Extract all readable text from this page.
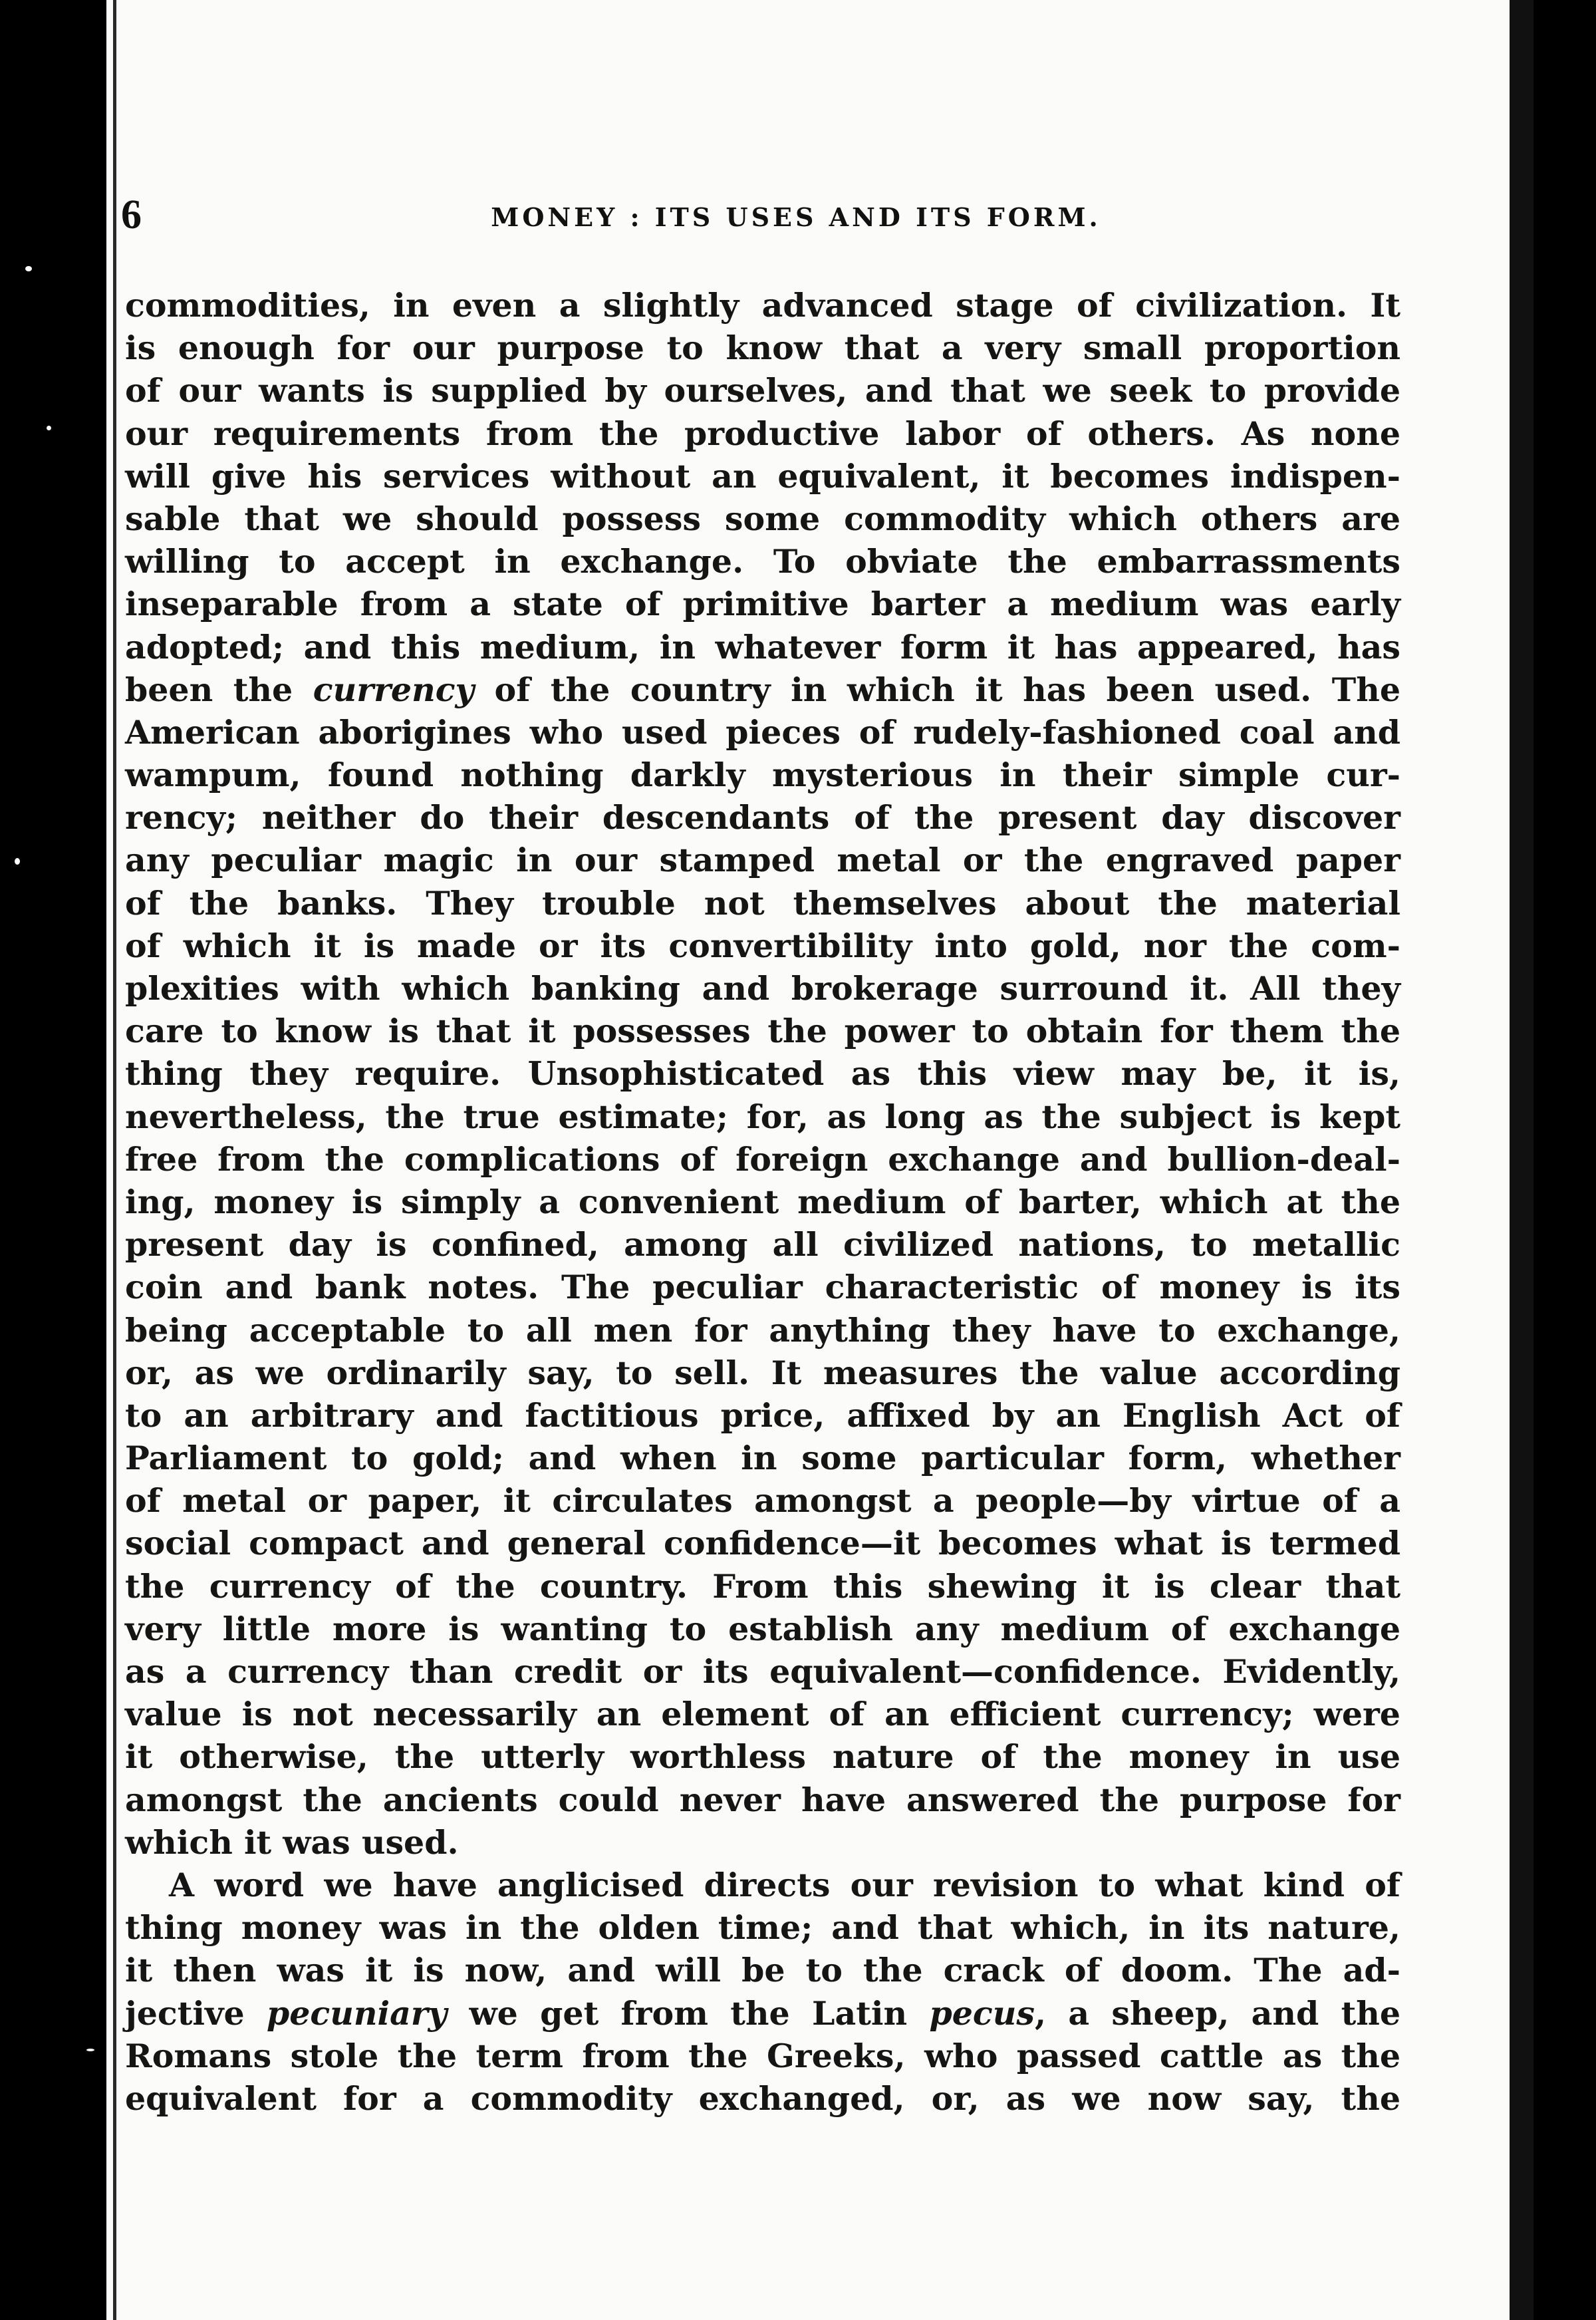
6	MONEY : ITS USES AND ITS FORM.
commodities, in even a slightly advanced stage of civilization. It
is enough for our purpose to know that a very small proportion
of our wants is supplied by ourselves, and that we seek to provide
our requirements from the productive labor of others. As none
will give his services without an equivalent, it becomes indispen-
sable that we should possess some commodity which others are
willing to accept in exchange. To obviate the embarrassments
inseparable from a state of primitive barter a medium was early
adopted; and this medium, in whatever form it has appeared, has
been the currency of the country in which it has been used. The
American aborigines who used pieces of rudely-fashioned coal and
wampum, found nothing darkly mysterious in their simple cur-
rency; neither do their descendants of the present day discover
any peculiar magic in our stamped metal or the engraved paper
of the banks. They trouble not themselves about the material
of which it is made or its convertibility into gold, nor the com-
plexities with which banking and brokerage surround it. All they
care to know is that it possesses the power to obtain for them the
thing they require. Unsophisticated as this view may be, it is,
nevertheless, the true estimate; for, as long as the subject is kept
free from the complications of foreign exchange and bullion-deal-
ing, money is simply a convenient medium of barter, which at the
present day is confined, among all civilized nations, to metallic
coin and bank notes. The peculiar characteristic of money is its
being acceptable to all men for anything they have to exchange,
or, as we ordinarily say, to sell. It measures the value according
to an arbitrary and factitious price, affixed by an English Act of
Parliament to gold; and when in some particular form, whether
of metal or paper, it circulates amongst a people—by virtue of a
social compact and general confidence—it becomes what is termed
the currency of the country. From this shewing it is clear that
very little more is wanting to establish any medium of exchange
as a currency than credit or its equivalent—confidence. Evidently,
value is not necessarily an element of an efficient currency; were
it otherwise, the utterly worthless nature of the money in use
amongst the ancients could never have answered the purpose for
which it was used.
A word we have anglicised directs our revision to what kind of
thing money was in the olden time; and that which, in its nature,
it then was it is now, and will be to the crack of doom. The ad-
jective pecuniary we get from the Latin pecus, a sheep, and the
Romans stole the term from the Greeks, who passed cattle as the
equivalent for a commodity exchanged, or, as we now say, the
